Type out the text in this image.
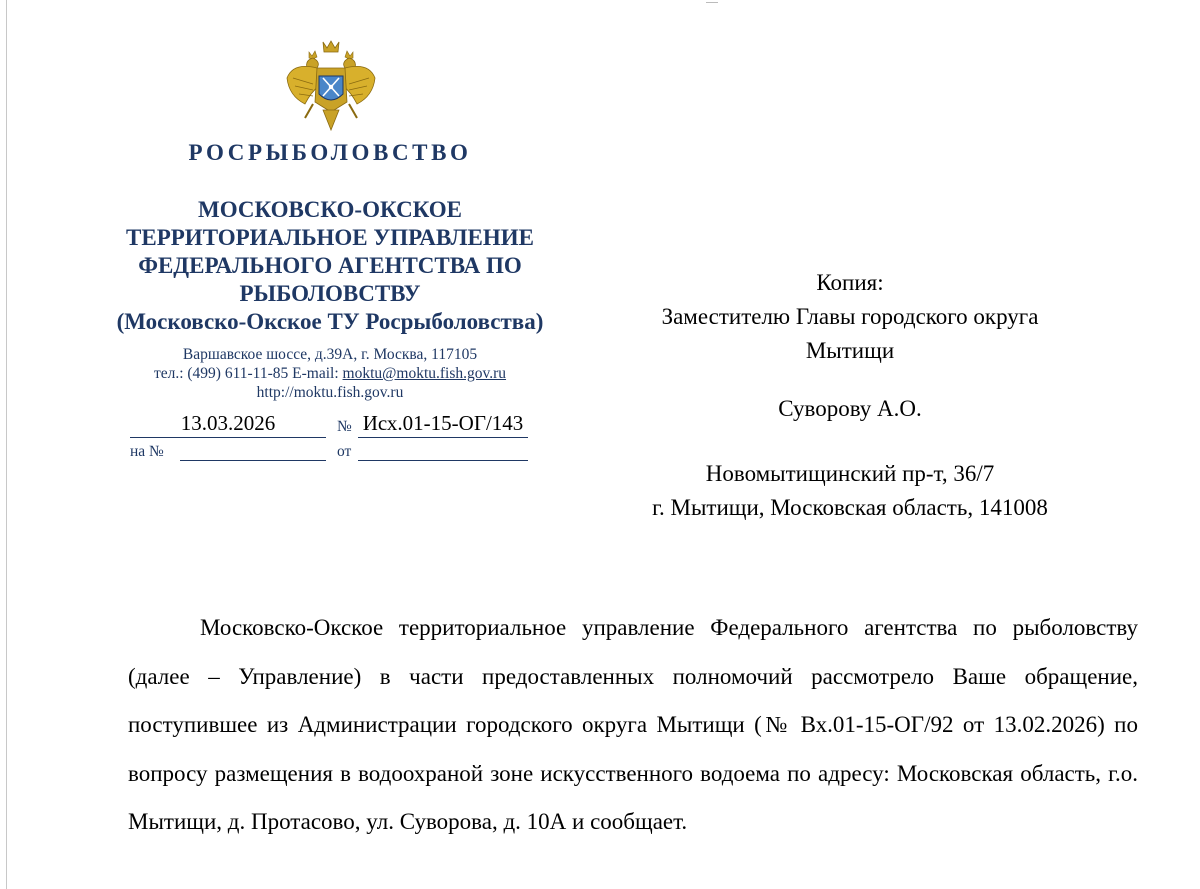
РОСРЫБОЛОВСТВО
МОСКОВСКО-ОКСКОЕ
ТЕРРИТОРИАЛЬНОЕ УПРАВЛЕНИЕ
ФЕДЕРАЛЬНОГО АГЕНТСТВА ПО
РЫБОЛОВСТВУ
(Московско-Окское ТУ Росрыболовства)
Варшавское шоссе, д.39А, г. Москва, 117105
тел.: (499) 611-11-85 E-mail: moktu@moktu.fish.gov.ru
http://moktu.fish.gov.ru
13.03.2026	№ Исх.01-15-ОГ/143
на №	от
Копия:
Заместителю Главы городского округа
Мытищи
Суворову А.О.
Новомытищинский пр-т, 36/7
г. Мытищи, Московская область, 141008
Московско-Окское территориальное управление Федерального агентства по рыболовству (далее – Управление) в части предоставленных полномочий рассмотрело Ваше обращение, поступившее из Администрации городского округа Мытищи (№ Вх.01-15-ОГ/92 от 13.02.2026) по вопросу размещения в водоохраной зоне искусственного водоема по адресу: Московская область, г.о. Мытищи, д. Протасово, ул. Суворова, д. 10А и сообщает.
